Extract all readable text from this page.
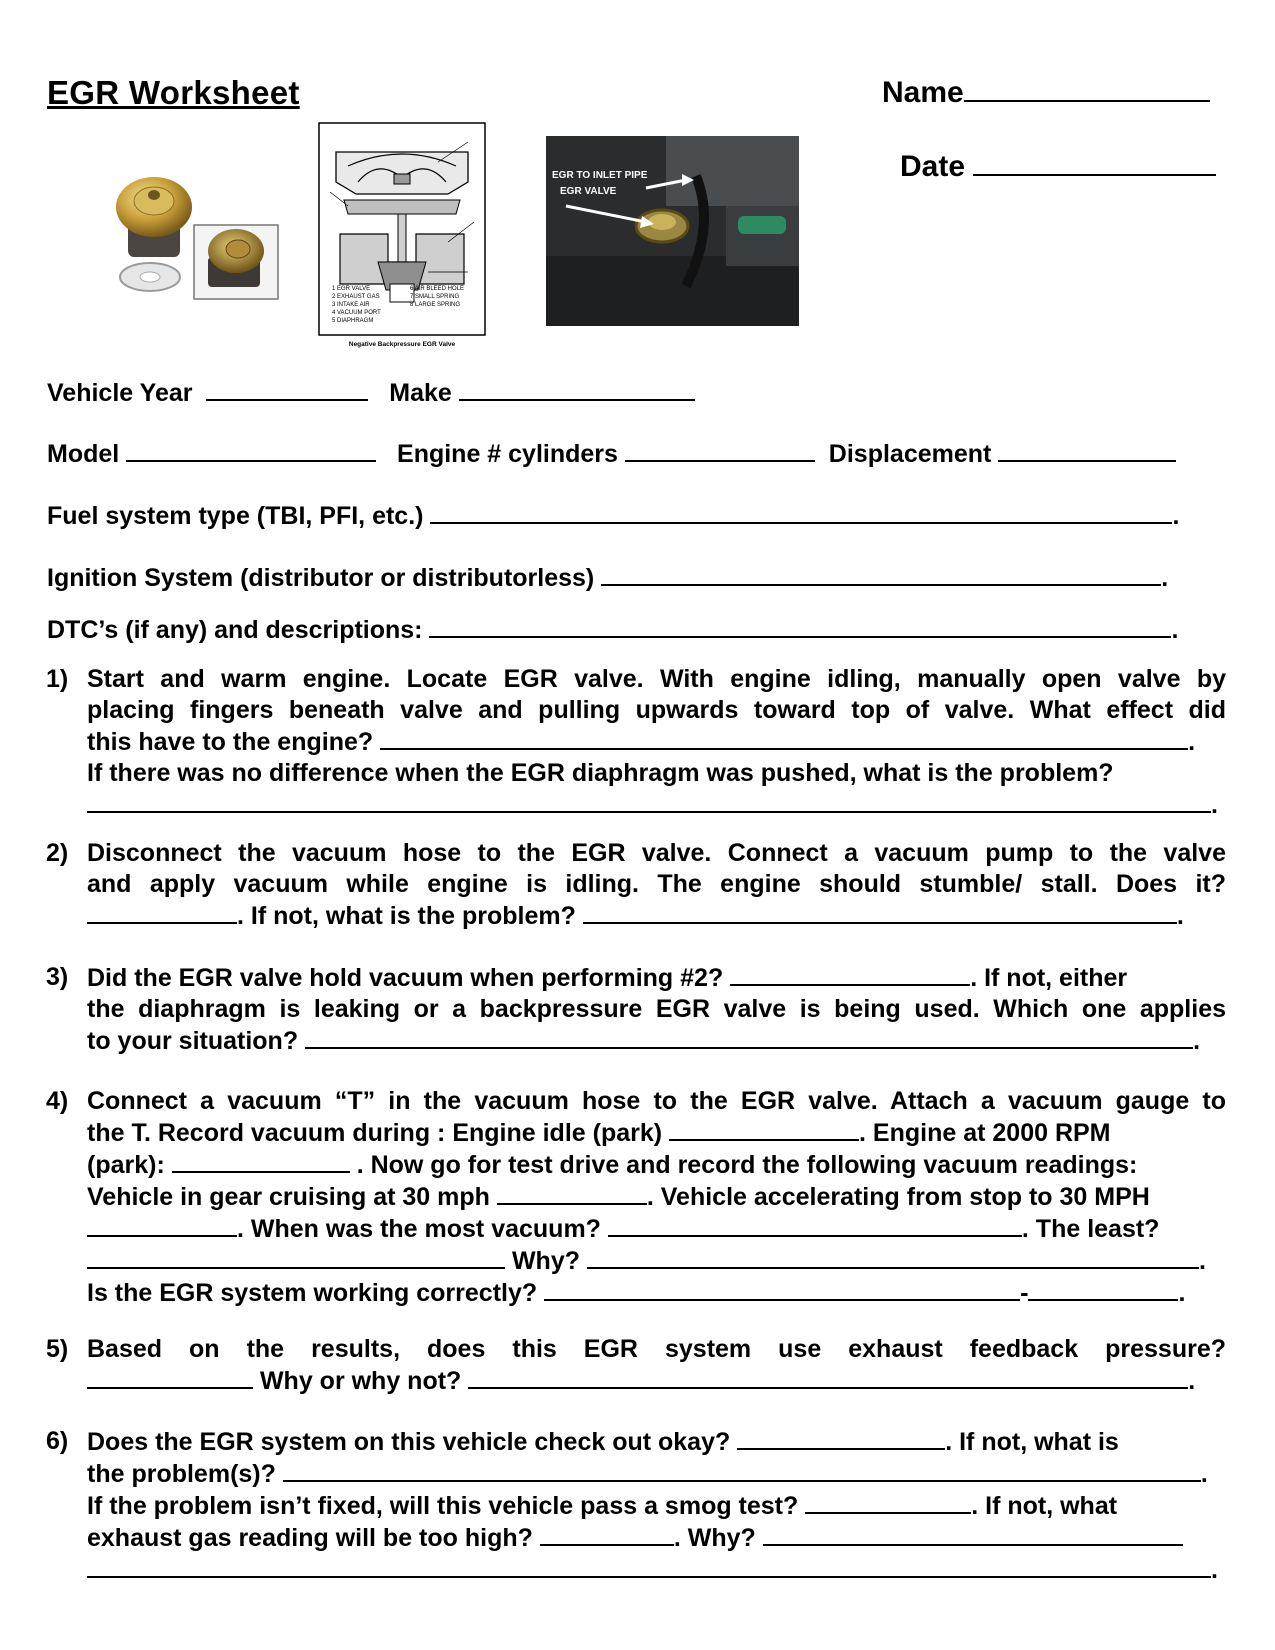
EGR Worksheet	Name
Date
1 EGR VALVE
2 EXHAUST GAS
3 INTAKE AIR
4 VACUUM PORT
5 DIAPHRAGM
6 AIR BLEED HOLE
7 SMALL SPRING
8 LARGE SPRING
Negative Backpressure EGR Valve
EGR TO INLET PIPE
EGR VALVE
Vehicle Year	Make
Model	Engine # cylinders	Displacement
Fuel system type (TBI, PFI, etc.)	.
Ignition System (distributor or distributorless)	.
DTC’s (if any) and descriptions:	.
1) Start and warm engine. Locate EGR valve. With engine idling, manually open valve by
placing fingers beneath valve and pulling upwards toward top of valve. What effect did
this have to the engine?	.
If there was no difference when the EGR diaphragm was pushed, what is the problem?
.
2) Disconnect the vacuum hose to the EGR valve. Connect a vacuum pump to the valve
and apply vacuum while engine is idling. The engine should stumble/ stall. Does it?
. If not, what is the problem?	.
3) Did the EGR valve hold vacuum when performing #2?	. If not, either
the diaphragm is leaking or a backpressure EGR valve is being used. Which one applies
to your situation?	.
4) Connect a vacuum “T” in the vacuum hose to the EGR valve. Attach a vacuum gauge to
the T. Record vacuum during : Engine idle (park)	. Engine at 2000 RPM
(park):	. Now go for test drive and record the following vacuum readings:
Vehicle in gear cruising at 30 mph	. Vehicle accelerating from stop to 30 MPH
. When was the most vacuum?	. The least?
Why?	.
Is the EGR system working correctly?	-	.
5) Based on the results, does this EGR system use exhaust feedback pressure?
Why or why not?	.
6) Does the EGR system on this vehicle check out okay?	. If not, what is
the problem(s)?	.
If the problem isn’t fixed, will this vehicle pass a smog test?	. If not, what
exhaust gas reading will be too high?	. Why?
.
